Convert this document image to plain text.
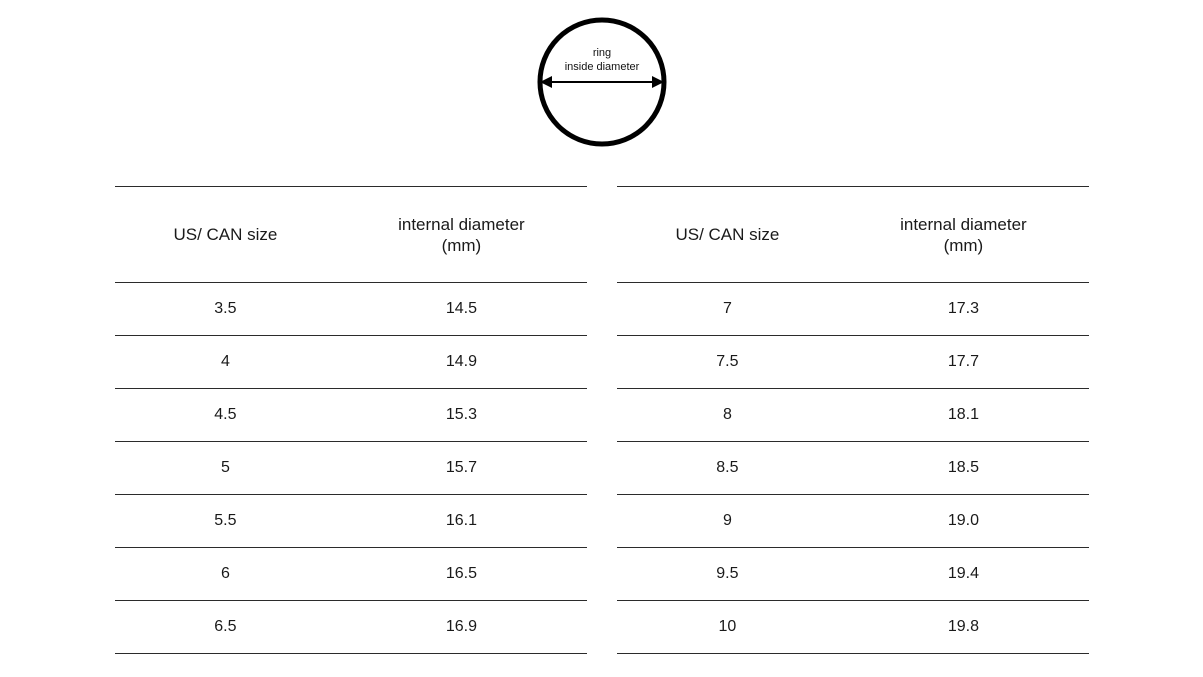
ring
inside diameter
US/ CAN size	internal diameter
(mm)

3.5	14.5
4	14.9
4.5	15.3
5	15.7
5.5	16.1
6	16.5
6.5	16.9
US/ CAN size	internal diameter
(mm)

7	17.3
7.5	17.7
8	18.1
8.5	18.5
9	19.0
9.5	19.4
10	19.8
